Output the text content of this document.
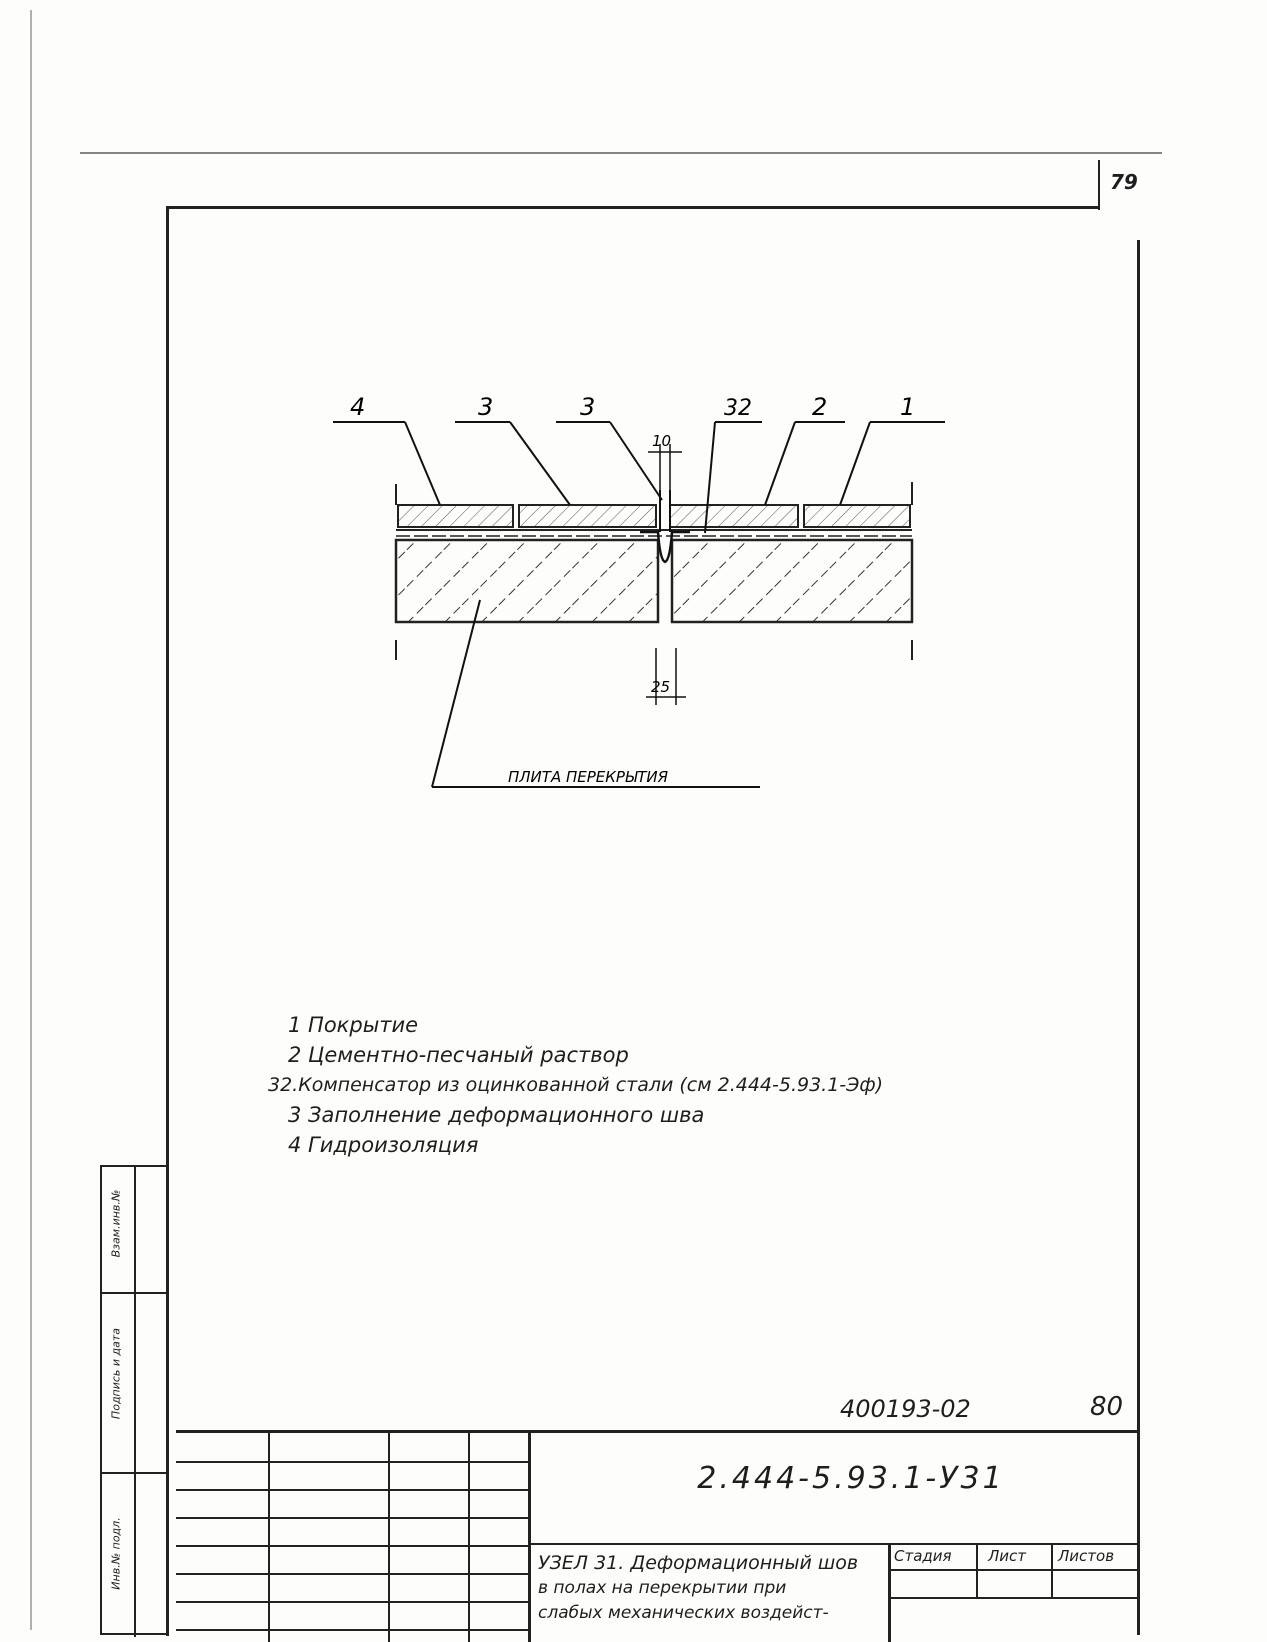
79
Взам.инв.№
Подпись и дата
Инв.№ подл.
10
25
4	3	3	32	2	1
ПЛИТА ПЕРЕКРЫТИЯ
1 Покрытие
2 Цементно-песчаный раствор
32.Компенсатор из оцинкованной стали (см 2.444-5.93.1-Эф)
3 Заполнение деформационного шва
4 Гидроизоляция
400193-02	80
2.444-5.93.1-У31
УЗЕЛ 31. Деформационный шов
в полах на перекрытии при
слабых механических воздейст-
Стадия Лист Листов
